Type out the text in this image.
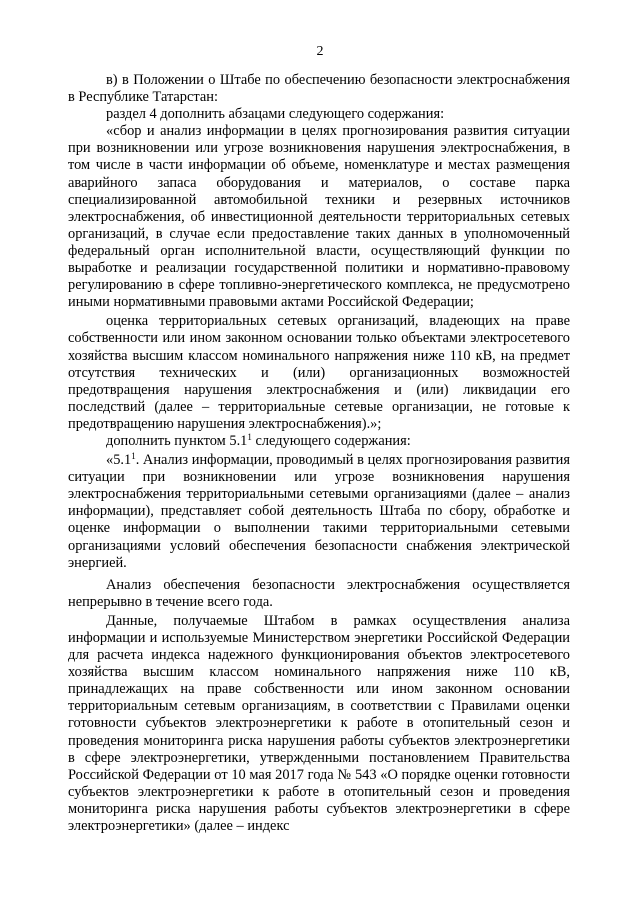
2

в) в Положении о Штабе по обеспечению безопасности электроснабжения в Республике Татарстан:

раздел 4 дополнить абзацами следующего содержания:

«сбор и анализ информации в целях прогнозирования развития ситуации при возникновении или угрозе возникновения нарушения электроснабжения, в том числе в части информации об объеме, номенклатуре и местах размещения аварийного запаса оборудования и материалов, о составе парка специализированной автомобильной техники и резервных источников электроснабжения, об инвестиционной деятельности территориальных сетевых организаций, в случае если предоставление таких данных в уполномоченный федеральный орган исполнительной власти, осуществляющий функции по выработке и реализации государственной политики и нормативно-правовому регулированию в сфере топливно-энергетического комплекса, не предусмотрено иными нормативными правовыми актами Российской Федерации;

оценка территориальных сетевых организаций, владеющих на праве собственности или ином законном основании только объектами электросетевого хозяйства высшим классом номинального напряжения ниже 110 кВ, на предмет отсутствия технических и (или) организационных возможностей предотвращения нарушения электроснабжения и (или) ликвидации его последствий (далее – территориальные сетевые организации, не готовые к предотвращению нарушения электроснабжения).»;

дополнить пунктом $5.1^1$ следующего содержания:

«$5.1^1$. Анализ информации, проводимый в целях прогнозирования развития ситуации при возникновении или угрозе возникновения нарушения электроснабжения территориальными сетевыми организациями (далее – анализ информации), представляет собой деятельность Штаба по сбору, обработке и оценке информации о выполнении такими территориальными сетевыми организациями условий обеспечения безопасности снабжения электрической энергией.

Анализ обеспечения безопасности электроснабжения осуществляется непрерывно в течение всего года.

Данные, получаемые Штабом в рамках осуществления анализа информации и используемые Министерством энергетики Российской Федерации для расчета индекса надежного функционирования объектов электросетевого хозяйства высшим классом номинального напряжения ниже 110 кВ, принадлежащих на праве собственности или ином законном основании территориальным сетевым организациям, в соответствии с Правилами оценки готовности субъектов электроэнергетики к работе в отопительный сезон и проведения мониторинга риска нарушения работы субъектов электроэнергетики в сфере электроэнергетики, утвержденными постановлением Правительства Российской Федерации от 10 мая 2017 года № 543 «О порядке оценки готовности субъектов электроэнергетики к работе в отопительный сезон и проведения мониторинга риска нарушения работы субъектов электроэнергетики в сфере электроэнергетики» (далее – индекс
